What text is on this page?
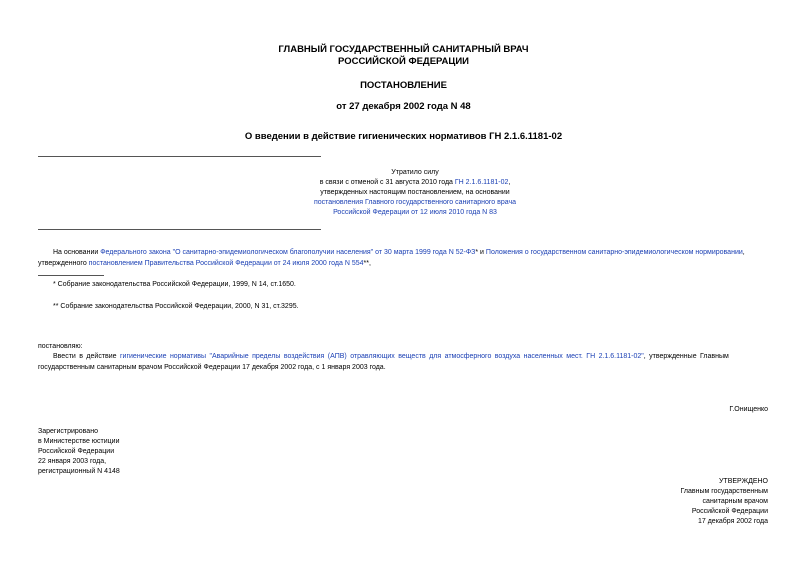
ГЛАВНЫЙ ГОСУДАРСТВЕННЫЙ САНИТАРНЫЙ ВРАЧ
РОССИЙСКОЙ ФЕДЕРАЦИИ
ПОСТАНОВЛЕНИЕ
от 27 декабря 2002 года N 48
О введении в действие гигиенических нормативов ГН 2.1.6.1181-02
Утратило силу
в связи с отменой с 31 августа 2010 года ГН 2.1.6.1181-02,
утвержденных настоящим постановлением, на основании
постановления Главного государственного санитарного врача
Российской Федерации от 12 июля 2010 года N 83
На основании Федерального закона "О санитарно-эпидемиологическом благополучии населения" от 30 марта 1999 года N 52-ФЗ* и Положения о государственном санитарно-эпидемиологическом нормировании,
утвержденного постановлением Правительства Российской Федерации от 24 июля 2000 года N 554**,
* Собрание законодательства Российской Федерации, 1999, N 14, ст.1650.
** Собрание законодательства Российской Федерации, 2000, N 31, ст.3295.
постановляю:
Ввести в действие гигиенические нормативы "Аварийные пределы воздействия (АПВ) отравляющих веществ для атмосферного воздуха населенных мест. ГН 2.1.6.1181-02", утвержденные Главным
государственным санитарным врачом Российской Федерации 17 декабря 2002 года, с 1 января 2003 года.
Г.Онищенко
Зарегистрировано
в Министерстве юстиции
Российской Федерации
22 января 2003 года,
регистрационный N 4148
УТВЕРЖДЕНО
Главным государственным
санитарным врачом
Российской Федерации
17 декабря 2002 года
